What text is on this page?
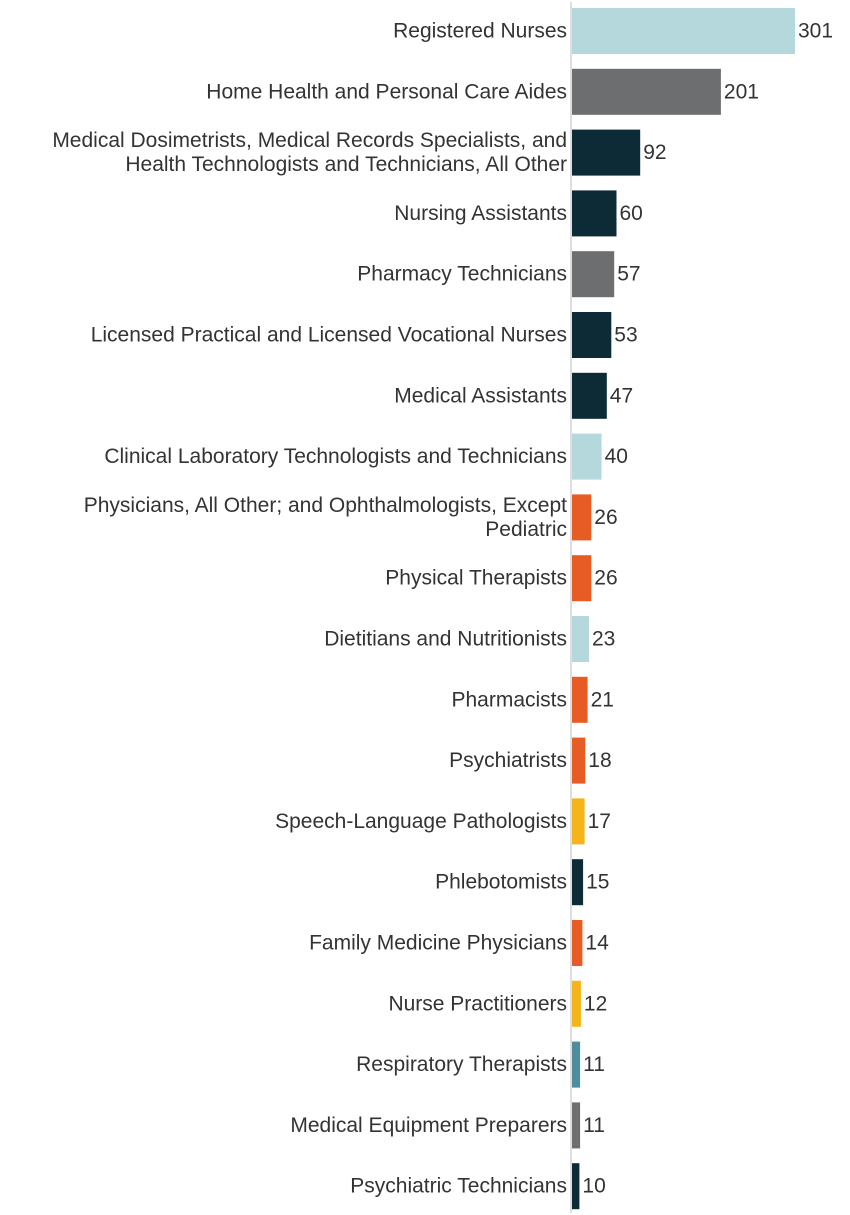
Registered Nurses
Home Health and Personal Care Aides
Medical Dosimetrists, Medical Records Specialists, and Health Technologists and Technicians, All Other
Nursing Assistants
Pharmacy Technicians
Licensed Practical and Licensed Vocational Nurses
Medical Assistants
Clinical Laboratory Technologists and Technicians
Physicians, All Other; and Ophthalmologists, Except Pediatric
Physical Therapists
Dietitians and Nutritionists
Pharmacists
Psychiatrists
Speech-Language Pathologists
Phlebotomists
Family Medicine Physicians
Nurse Practitioners
Respiratory Therapists
Medical Equipment Preparers
Psychiatric Technicians
301
201
92
60
57
53
47
40
26
26
23
21
18
17
15
14
12
11
11
10
